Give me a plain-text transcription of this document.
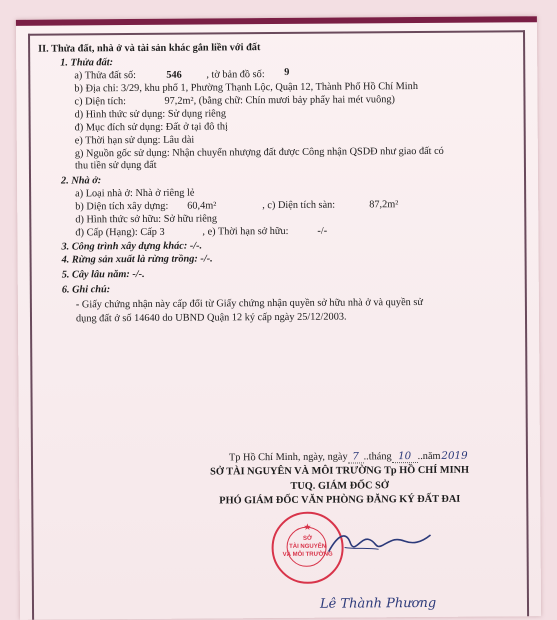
II. Thửa đất, nhà ở và tài sản khác gắn liền với đất
1. Thửa đất:
a) Thửa đất số:	546 , tờ bản đồ số: 9
b) Địa chỉ: 3/29, khu phố 1, Phường Thạnh Lộc, Quận 12, Thành Phố Hồ Chí Minh
c) Diện tích:	97,2m², (bằng chữ: Chín mươi bảy phẩy hai mét vuông)
d) Hình thức sử dụng: Sử dụng riêng
đ) Mục đích sử dụng: Đất ở tại đô thị
e) Thời hạn sử dụng: Lâu dài
g) Nguồn gốc sử dụng: Nhận chuyển nhượng đất được Công nhận QSDĐ như giao đất có
thu tiền sử dụng đất
2. Nhà ở:
a) Loại nhà ở: Nhà ở riêng lẻ
b) Diện tích xây dựng: 60,4m²	, c) Diện tích sàn:	87,2m²
d) Hình thức sở hữu: Sở hữu riêng
đ) Cấp (Hạng): Cấp 3	, e) Thời hạn sở hữu:	-/-
3. Công trình xây dựng khác: -/-.
4. Rừng sản xuất là rừng trồng: -/-.
5. Cây lâu năm: -/-.
6. Ghi chú:
- Giấy chứng nhận này cấp đổi từ Giấy chứng nhận quyền sở hữu nhà ở và quyền sử
dụng đất ở số 14640 do UBND Quận 12 ký cấp ngày 25/12/2003.
Tp Hồ Chí Minh, ngày, ngày 7 ..tháng 10 ..năm2019
SỞ TÀI NGUYÊN VÀ MÔI TRƯỜNG Tp HỒ CHÍ MINH
TUQ. GIÁM ĐỐC SỞ
PHÓ GIÁM ĐỐC VĂN PHÒNG ĐĂNG KÝ ĐẤT ĐAI
★
SỞ
TÀI NGUYÊN
VÀ MÔI TRƯỜNG
Lê Thành Phương
